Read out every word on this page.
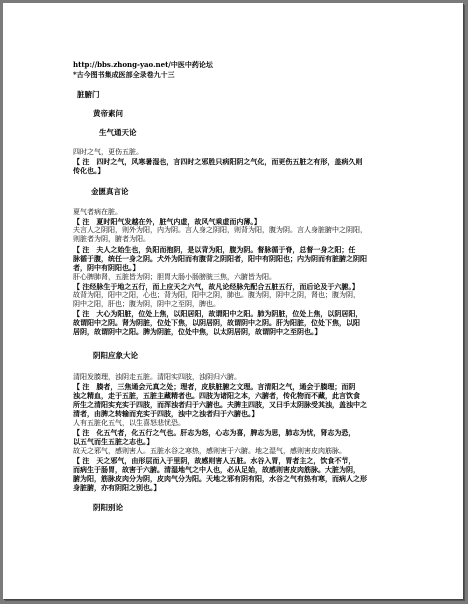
http://bbs.zhong-yao.net/中医中药论坛
*古今图书集成医部全录卷九十三
脏腑门
黄帝素问
生气通天论
四时之气，更伤五脏。
【 注　四时之气，风寒暑湿也，言四时之邪胜只病阳阴之气化，而更伤五脏之有形，盖病久则
传化也。】
金匮真言论
夏气者病在脏。
【 注　夏时阳气发越在外，脏气内虚，故风气乘虚而内薄。】
夫言人之阴阳，则外为阳，内为阴。言人身之阴阳，则背为阳，腹为阴。言人身脏腑中之阴阳，
则脏者为阴，腑者为阳。
【 注　夫人之始生也，负阳而抱阴，是以背为阳，腹为阴。督脉循于脊，总督一身之阳；任
脉循于腹，统任一身之阴。犬外为阳而有腹背之阴阳者，阳中有阴阳也；内为阴而有脏腑之阴阳
者，阴中有阴阳也。】
肝心脾肺肾，五脏皆为阴；胆胃大肠小肠膀胱三焦，六腑皆为阳。
【 注经脉生于地之五行，而上应天之六气，故凡论经脉先配合五脏五行，而后论及于六腑。】
故背为阳，阳中之阳，心也；背为阳，阳中之阴，肺也。腹为阴，阴中之阴，肾也；腹为阴，
阴中之阳，肝也；腹为阴，阴中之至阴，脾也。
【 注　大心为阳脏，位处上焦，以阳居阳，故谓阳中之阳。肺为阴脏，位处上焦，以阴居阳，
故谓阳中之阴。肾为阴脏，位处下焦，以阴居阴，故谓阴中之阴。肝为阳脏，位处下焦，以阳
居阴，故谓阴中之阳。脾为阴脏，位处中焦，以太阴居阴，故谓阴中之至阴也。】
阴阳应象大论
清阳发腠理，浊阴走五脏。清阳实四肢，浊阴归六腑。
【 注　腠者，三焦通会元真之处；理者，皮肤脏腑之文理。言清阳之气，通会于腠理；而阴
浊之精血，走于五脏，五脏主藏精者也。四肢为诸阳之本，六腑者，传化物而不藏，此言饮食
所生之清阳实充实于四肢，而浑浊者归于六腑也。夫脾主四肢，又曰手太阴脉受其浊，盖浊中之
清者，由脾之转输而充实于四肢，浊中之浊者归于六腑也。】
人有五脏化五气，以生喜怒悲忧恐。
【 注　化五气者，化五行之气也。肝志为怒，心志为喜，脾志为思，肺志为忧，肾志为恐，
以五气而生五脏之志也。】
故天之邪气，感则害人。五脏水谷之寒热，感则害于六腑。地之湿气，感则害皮肉筋脉。
【 注　天之邪气，由形层而入于里阴，故感则害人五脏。水谷入胃，胃者主之，饮食不节，
而病生于肠胃，故害于六腑。清湿地气之中人也，必从足始，故感则害皮肉筋脉。大脏为阴，
腑为阳，筋脉皮肉分为阴，皮肉气分为阳。天地之邪有阴有阳，水谷之气有热有寒，而病人之形
身脏腑，亦有阴阳之别也。】
阴阳别论
